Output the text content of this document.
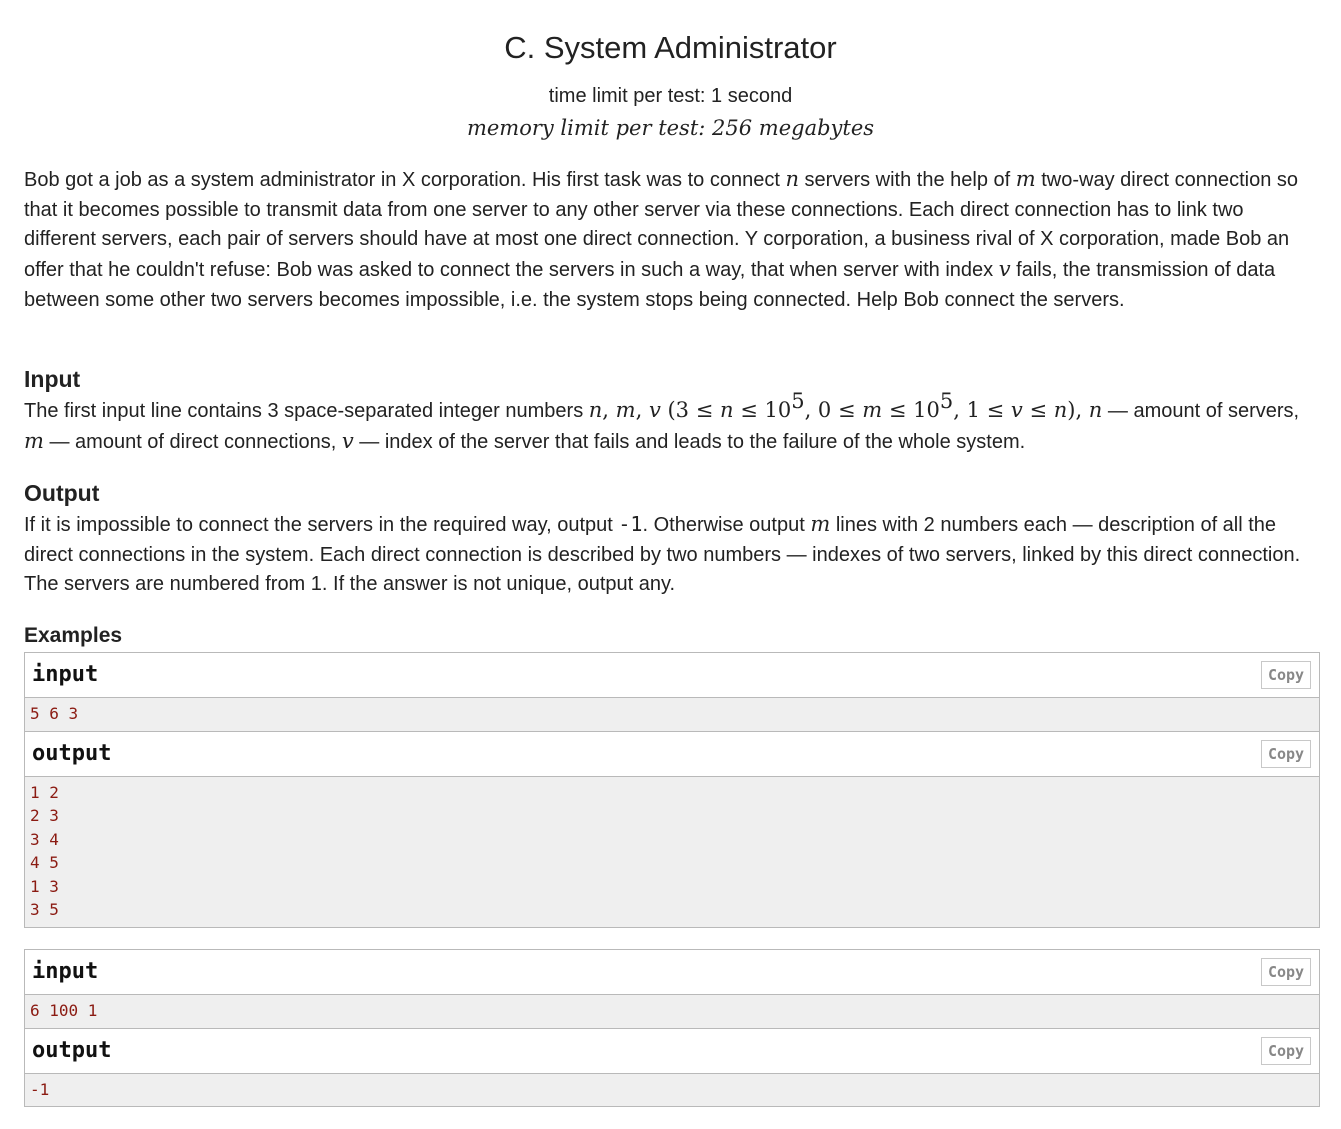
C. System Administrator
time limit per test: 1 second
memory limit per test: 256 megabytes
Bob got a job as a system administrator in X corporation. His first task was to connect n servers with the help of m two-way direct connection so that it becomes possible to transmit data from one server to any other server via these connections. Each direct connection has to link two different servers, each pair of servers should have at most one direct connection. Y corporation, a business rival of X corporation, made Bob an offer that he couldn't refuse: Bob was asked to connect the servers in such a way, that when server with index v fails, the transmission of data between some other two servers becomes impossible, i.e. the system stops being connected. Help Bob connect the servers.
Input
The first input line contains 3 space-separated integer numbers n, m, v ($3 \le n \le 10^5$, $0 \le m \le 10^5$, 1 ≤ v ≤ n), n — amount of servers, m — amount of direct connections, v — index of the server that fails and leads to the failure of the whole system.
Output
If it is impossible to connect the servers in the required way, output -1. Otherwise output m lines with 2 numbers each — description of all the direct connections in the system. Each direct connection is described by two numbers — indexes of two servers, linked by this direct connection. The servers are numbered from 1. If the answer is not unique, output any.
Examples
input	Copy
5 6 3
output	Copy
1 2
2 3
3 4
4 5
1 3
3 5
input	Copy
6 100 1
output	Copy
-1
